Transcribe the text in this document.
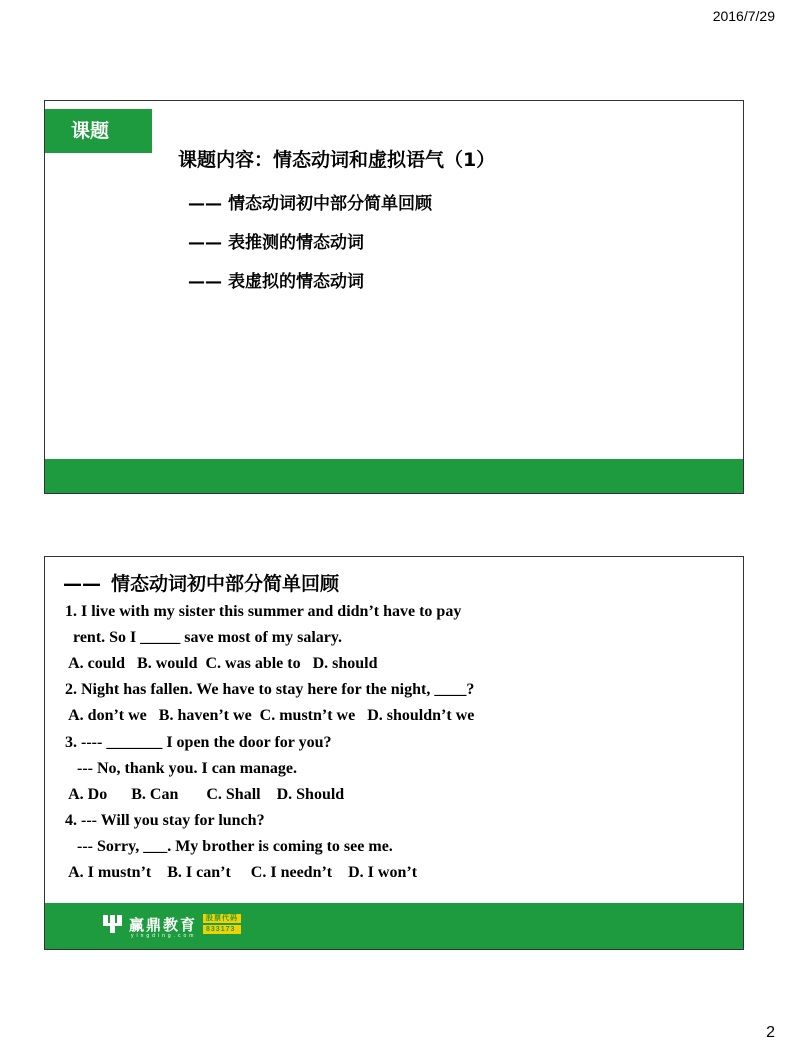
2016/7/29
课题
课题内容：情态动词和虚拟语气（1）
—— 情态动词初中部分简单回顾
—— 表推测的情态动词
—— 表虚拟的情态动词
—— 情态动词初中部分简单回顾
1. I live with my sister this summer and didn’t have to pay
rent. So I _____ save most of my salary.
A. could   B. would  C. was able to   D. should
2. Night has fallen. We have to stay here for the night, ____?
A. don’t we   B. haven’t we  C. mustn’t we   D. shouldn’t we
3. ---- _______ I open the door for you?
--- No, thank you. I can manage.
A. Do      B. Can       C. Shall    D. Should
4. --- Will you stay for lunch?
--- Sorry, ___. My brother is coming to see me.
A. I mustn’t    B. I can’t     C. I needn’t    D. I won’t
赢鼎教育
yingding.com
股票代码
833173
2
